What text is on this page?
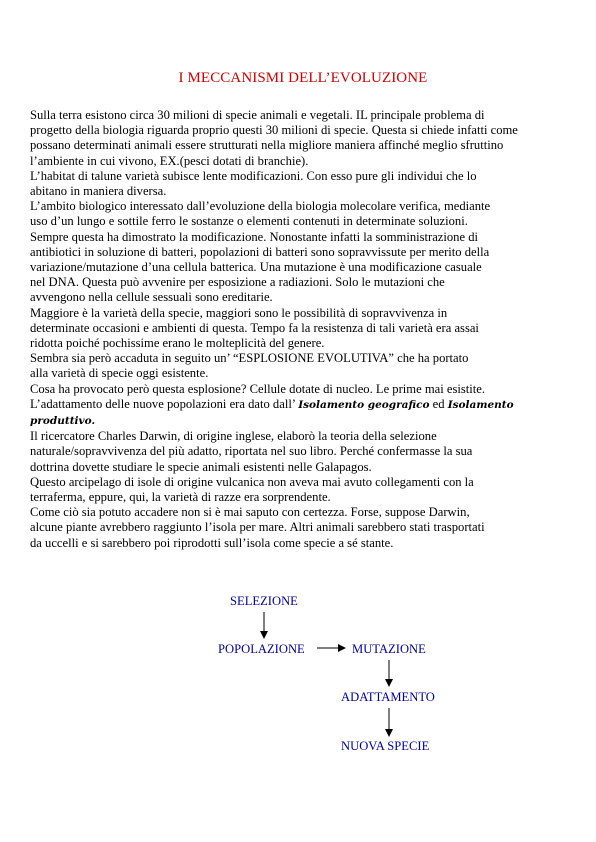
I MECCANISMI DELL’EVOLUZIONE
Sulla terra esistono circa 30 milioni di specie animali e vegetali. IL principale problema di
progetto della biologia riguarda proprio questi 30 milioni di specie. Questa si chiede infatti come
possano determinati animali essere strutturati nella migliore maniera affinché meglio sfruttino
l’ambiente in cui vivono, EX.(pesci dotati di branchie).
L’habitat di talune varietà subisce lente modificazioni. Con esso pure gli individui che lo
abitano in maniera diversa.
L’ambito biologico interessato dall’evoluzione della biologia molecolare verifica, mediante
uso d’un lungo e sottile ferro le sostanze o elementi contenuti in determinate soluzioni.
Sempre questa ha dimostrato la modificazione. Nonostante infatti la somministrazione di
antibiotici in soluzione di batteri, popolazioni di batteri sono sopravvissute per merito della
variazione/mutazione d’una cellula batterica. Una mutazione è una modificazione casuale
nel DNA. Questa può avvenire per esposizione a radiazioni. Solo le mutazioni che
avvengono nella cellule sessuali sono ereditarie.
Maggiore è la varietà della specie, maggiori sono le possibilità di sopravvivenza in
determinate occasioni e ambienti di questa. Tempo fa la resistenza di tali varietà era assai
ridotta poiché pochissime erano le molteplicità del genere.
Sembra sia però accaduta in seguito un’ “ESPLOSIONE EVOLUTIVA” che ha portato
alla varietà di specie oggi esistente.
Cosa ha provocato però questa esplosione? Cellule dotate di nucleo. Le prime mai esistite.
L’adattamento delle nuove popolazioni era dato dall’ Isolamento geografico ed Isolamento
produttivo.
Il ricercatore Charles Darwin, di origine inglese, elaborò la teoria della selezione
naturale/sopravvivenza del più adatto, riportata nel suo libro. Perché confermasse la sua
dottrina dovette studiare le specie animali esistenti nelle Galapagos.
Questo arcipelago di isole di origine vulcanica non aveva mai avuto collegamenti con la
terraferma, eppure, qui, la varietà di razze era sorprendente.
Come ciò sia potuto accadere non si è mai saputo con certezza. Forse, suppose Darwin,
alcune piante avrebbero raggiunto l’isola per mare. Altri animali sarebbero stati trasportati
da uccelli e si sarebbero poi riprodotti sull’isola come specie a sé stante.
SELEZIONE
POPOLAZIONE	MUTAZIONE
ADATTAMENTO
NUOVA SPECIE
